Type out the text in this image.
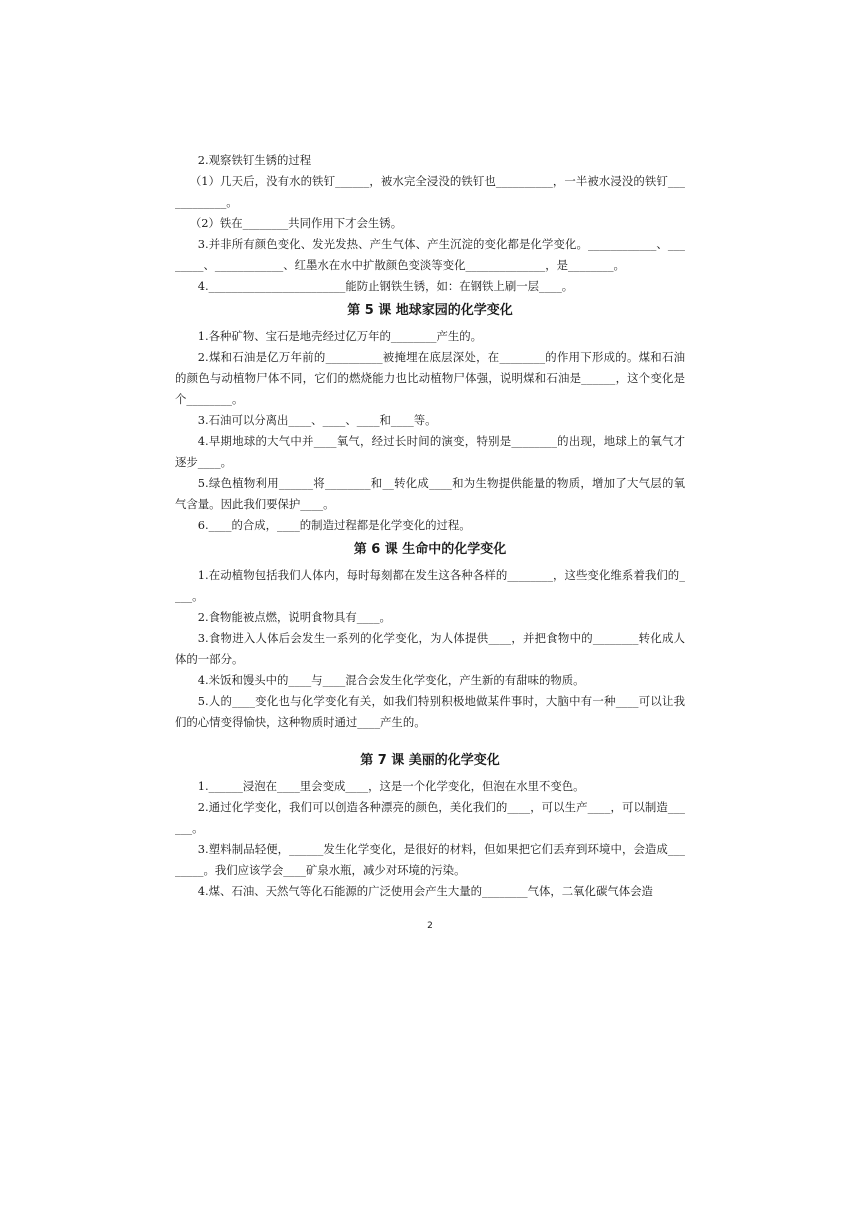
2.观察铁钉生锈的过程

（1）几天后，没有水的铁钉______，被水完全浸没的铁钉也__________，一半被水浸没的铁钉____________。

（2）铁在________共同作用下才会生锈。

3.并非所有颜色变化、发光发热、产生气体、产生沉淀的变化都是化学变化。____________、________、____________、红墨水在水中扩散颜色变淡等变化______________，是________。

4.________________________能防止钢铁生锈，如：在钢铁上刷一层____。

第 5 课 地球家园的化学变化

1.各种矿物、宝石是地壳经过亿万年的________产生的。

2.煤和石油是亿万年前的__________被掩埋在底层深处，在________的作用下形成的。煤和石油的颜色与动植物尸体不同，它们的燃烧能力也比动植物尸体强，说明煤和石油是______，这个变化是个________。

3.石油可以分离出____、____、____和____等。

4.早期地球的大气中并____氧气，经过长时间的演变，特别是________的出现，地球上的氧气才逐步____。

5.绿色植物利用______将________和__转化成____和为生物提供能量的物质，增加了大气层的氧气含量。因此我们要保护____。

6.____的合成，____的制造过程都是化学变化的过程。

第 6 课 生命中的化学变化

1.在动植物包括我们人体内，每时每刻都在发生这各种各样的________，这些变化维系着我们的____。

2.食物能被点燃，说明食物具有____。

3.食物进入人体后会发生一系列的化学变化，为人体提供____，并把食物中的________转化成人体的一部分。

4.米饭和馒头中的____与____混合会发生化学变化，产生新的有甜味的物质。

5.人的____变化也与化学变化有关，如我们特别积极地做某件事时，大脑中有一种____可以让我们的心情变得愉快，这种物质时通过____产生的。

第 7 课 美丽的化学变化

1.______浸泡在____里会变成____，这是一个化学变化，但泡在水里不变色。

2.通过化学变化，我们可以创造各种漂亮的颜色，美化我们的____，可以生产____，可以制造______。

3.塑料制品轻便，______发生化学变化，是很好的材料，但如果把它们丢弃到环境中，会造成________。我们应该学会____矿泉水瓶，减少对环境的污染。

4.煤、石油、天然气等化石能源的广泛使用会产生大量的________气体，二氧化碳气体会造

2
